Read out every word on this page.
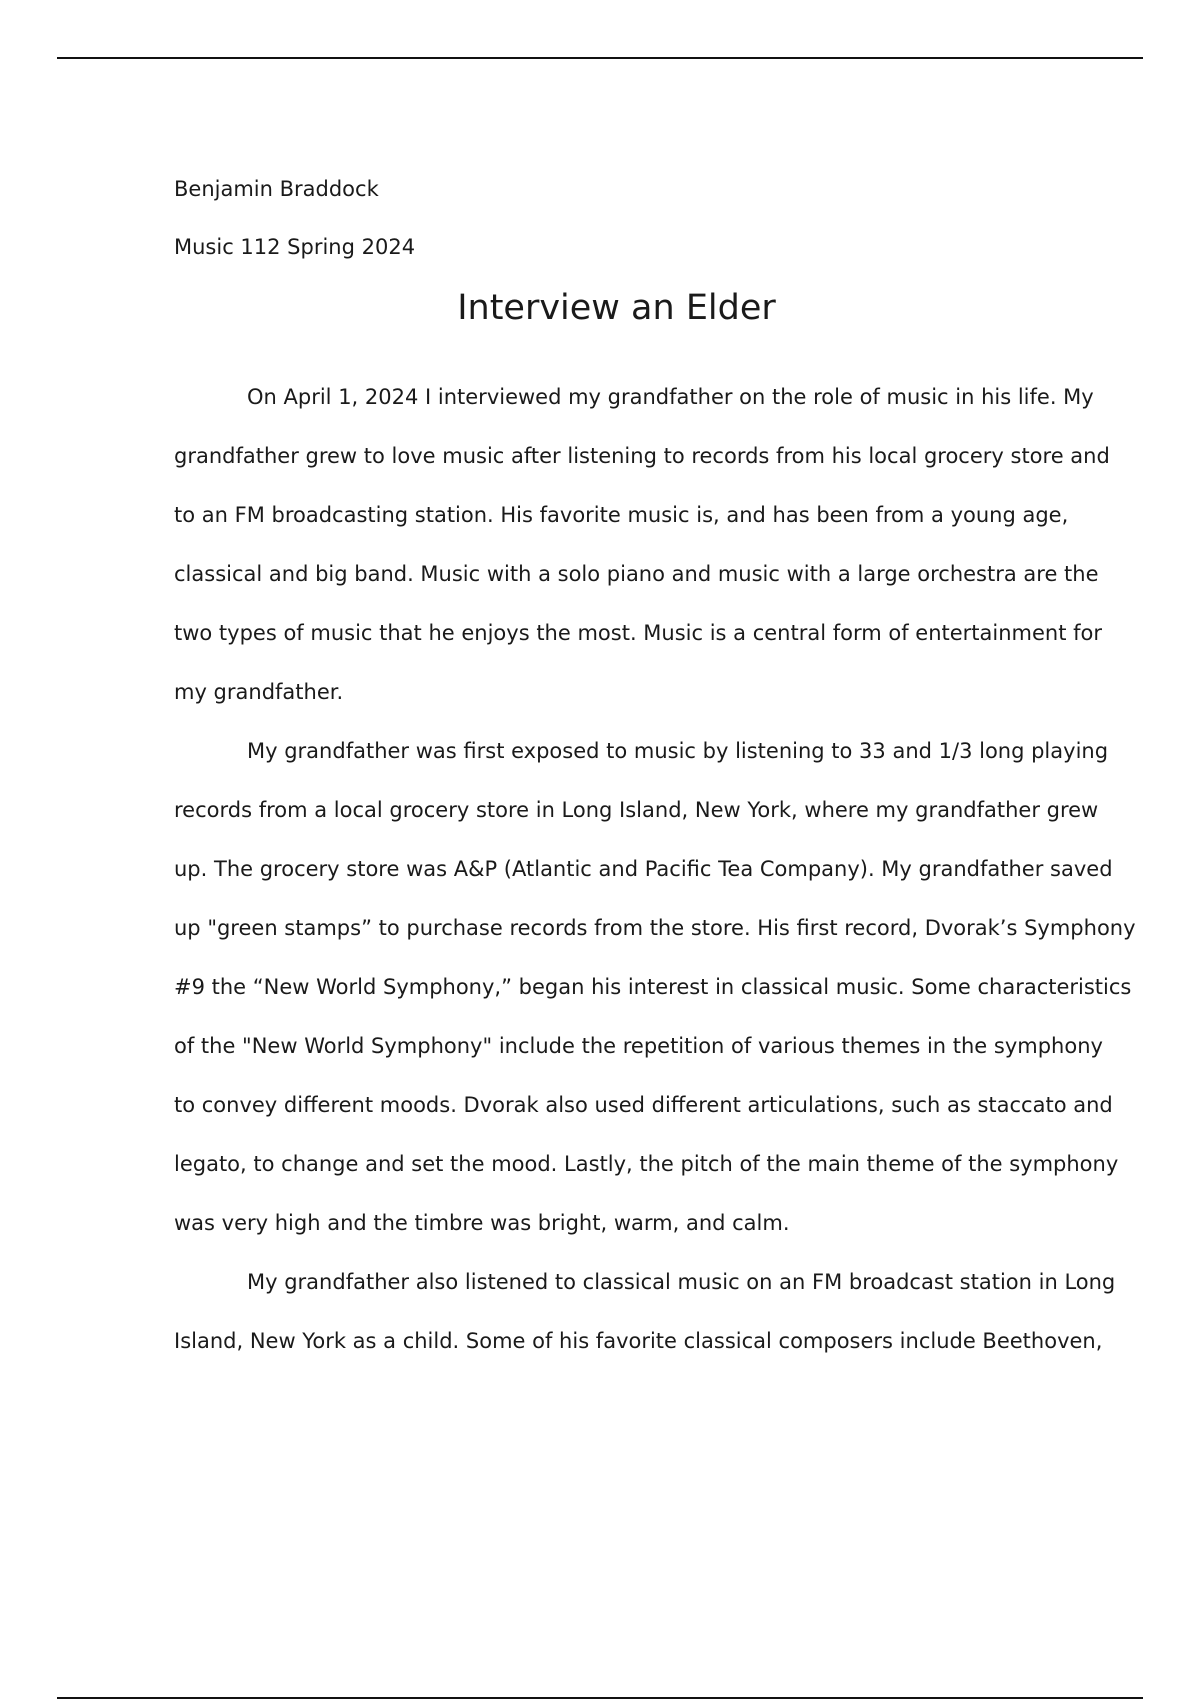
Benjamin Braddock
Music 112 Spring 2024
Interview an Elder
On April 1, 2024 I interviewed my grandfather on the role of music in his life. My
grandfather grew to love music after listening to records from his local grocery store and
to an FM broadcasting station. His favorite music is, and has been from a young age,
classical and big band. Music with a solo piano and music with a large orchestra are the
two types of music that he enjoys the most. Music is a central form of entertainment for
my grandfather.
My grandfather was first exposed to music by listening to 33 and 1/3 long playing
records from a local grocery store in Long Island, New York, where my grandfather grew
up. The grocery store was A&P (Atlantic and Pacific Tea Company). My grandfather saved
up "green stamps” to purchase records from the store. His first record, Dvorak’s Symphony
#9 the “New World Symphony,” began his interest in classical music. Some characteristics
of the "New World Symphony" include the repetition of various themes in the symphony
to convey different moods. Dvorak also used different articulations, such as staccato and
legato, to change and set the mood. Lastly, the pitch of the main theme of the symphony
was very high and the timbre was bright, warm, and calm.
My grandfather also listened to classical music on an FM broadcast station in Long
Island, New York as a child. Some of his favorite classical composers include Beethoven,
